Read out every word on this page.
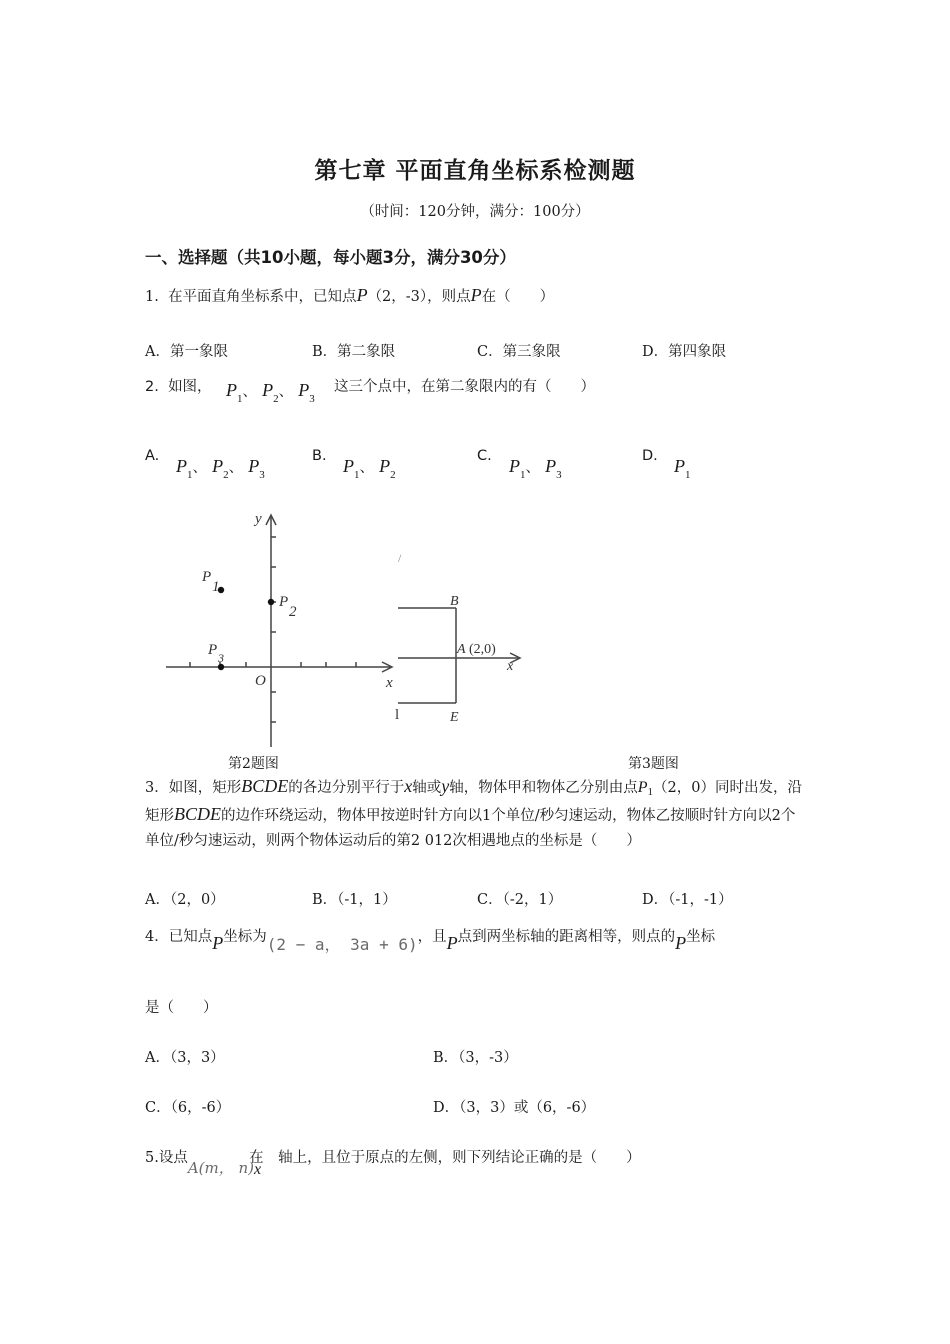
第七章 平面直角坐标系检测题
（时间：120分钟，满分：100分）
一、选择题（共10小题，每小题3分，满分30分）
1. 在平面直角坐标系中，已知点P（2，-3），则点P在（　　）
A．第一象限	B．第二象限	C．第三象限	D．第四象限
2. 如图， $P_1$、 $P_2$、 $P_3$
这三个点中，在第二象限内的有（　　）
A. $P_1$、 $P_2$、 $P_3$
B. $P_1$、 $P_2$
C. $P_1$、 $P_3$
D. $P_1$
y
x
O
P
1
P
2
P 3
/
B
A (2,0)
x
l	E
第2题图	第3题图
3．如图，矩形BCDE的各边分别平行于x轴或y轴，物体甲和物体乙分别由点$P_1(2$，0）同时出发，沿矩形BCDE的边作环绕运动，物体甲按逆时针方向以1个单位/秒匀速运动，物体乙按顺时针方向以2个单位/秒匀速运动，则两个物体运动后的第2 012次相遇地点的坐标是（　　）
A．（2，0）	B．（-1，1）	C．（-2，1）	D．（-1，-1）
4．已知点P坐标为(2 − a， 3a + 6)，且P点到两坐标轴的距离相等，则点的P坐标
是（　　）
A．（3，3）	B．（3，-3）
C．（6，-6）	D．（3，3）或（6，-6）
5.设点A(m， n)x在　轴上，且位于原点的左侧，则下列结论正确的是（　　）
